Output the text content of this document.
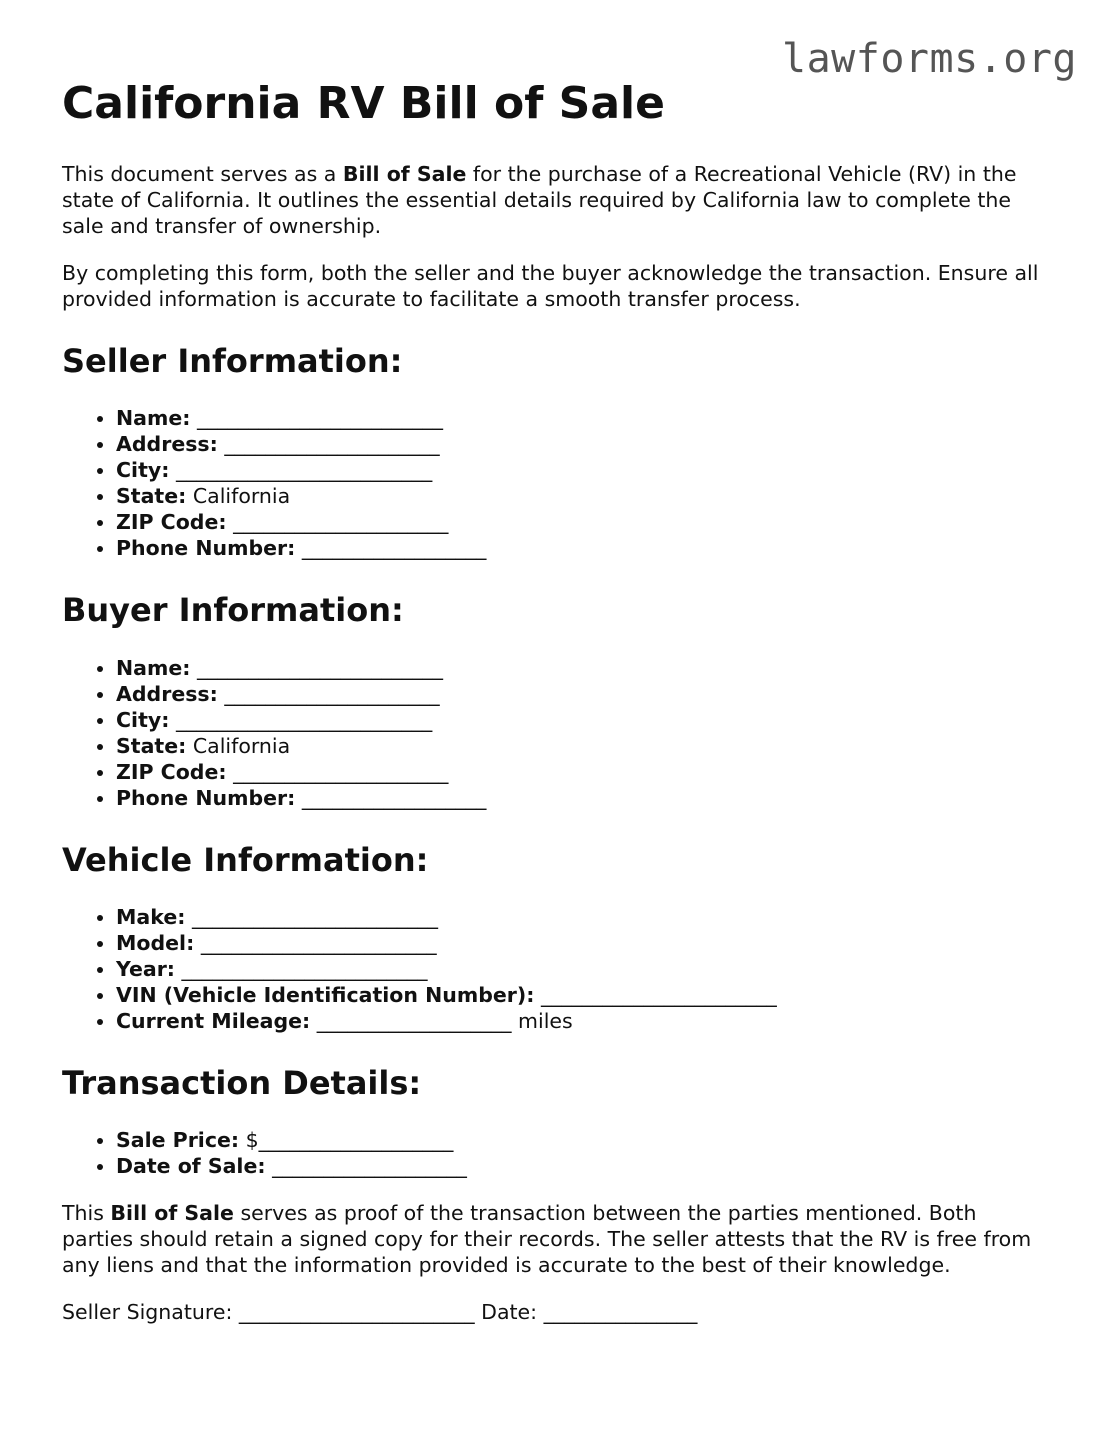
lawforms.org
California RV Bill of Sale

This document serves as a Bill of Sale for the purchase of a Recreational Vehicle (RV) in the state of California. It outlines the essential details required by California law to complete the sale and transfer of ownership.

By completing this form, both the seller and the buyer acknowledge the transaction. Ensure all provided information is accurate to facilitate a smooth transfer process.

Seller Information:
• Name: ________________________
• Address: _____________________
• City: _________________________
• State: California
• ZIP Code: _____________________
• Phone Number: __________________
Buyer Information:
• Name: ________________________
• Address: _____________________
• City: _________________________
• State: California
• ZIP Code: _____________________
• Phone Number: __________________
Vehicle Information:
• Make: ________________________
• Model: _______________________
• Year: ________________________
• VIN (Vehicle Identification Number): _______________________
• Current Mileage: ___________________ miles
Transaction Details:
• Sale Price: $___________________
• Date of Sale: ___________________

This Bill of Sale serves as proof of the transaction between the parties mentioned. Both parties should retain a signed copy for their records. The seller attests that the RV is free from any liens and that the information provided is accurate to the best of their knowledge.

Seller Signature: _______________________ Date: _______________
